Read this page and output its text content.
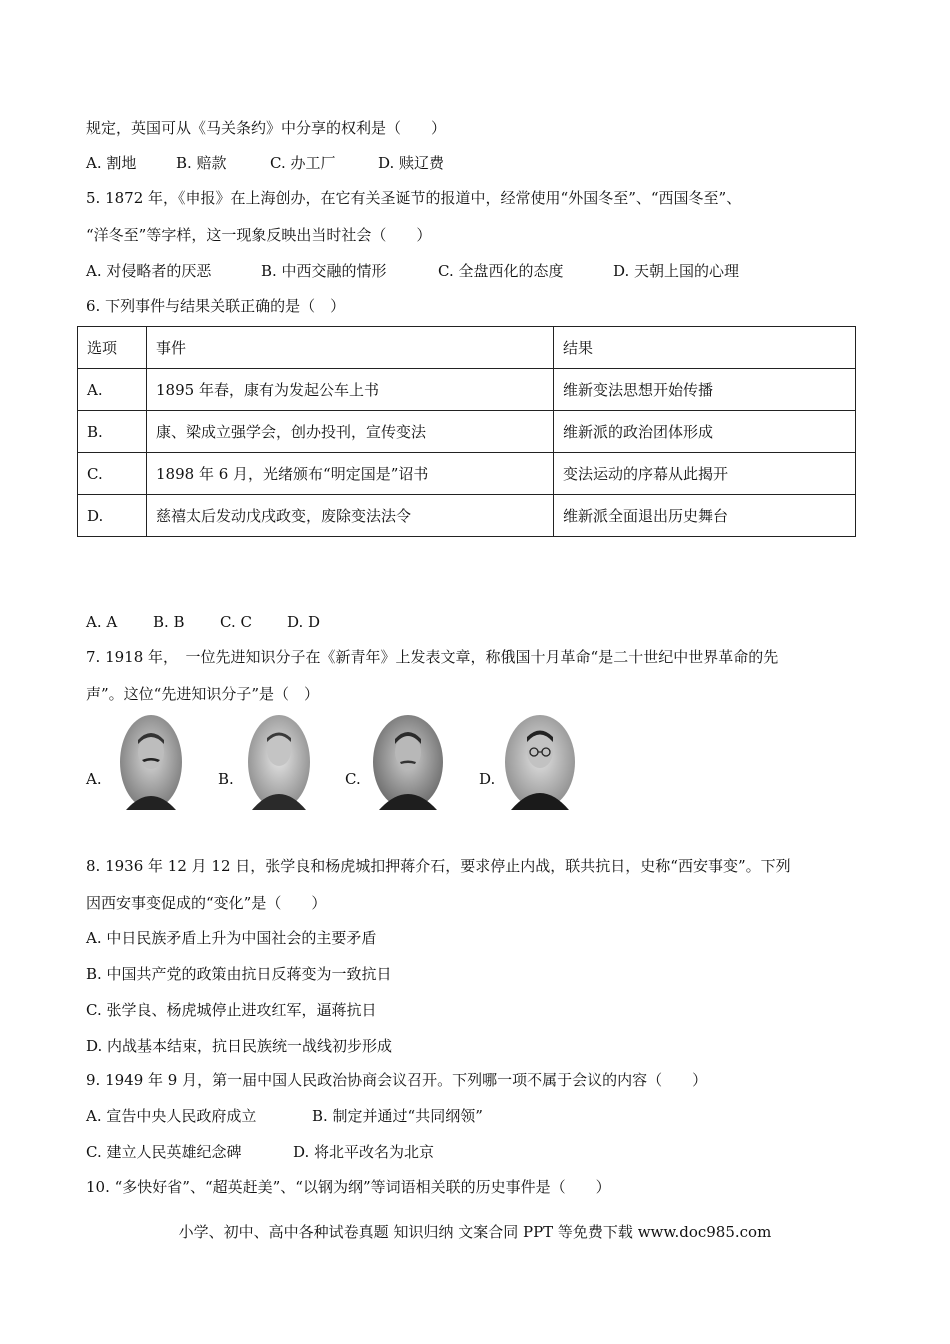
规定，英国可从《马关条约》中分享的权利是（　　）
A. 割地	B. 赔款	C. 办工厂	D. 赎辽费
5. 1872 年，《申报》在上海创办，在它有关圣诞节的报道中，经常使用“外国冬至”、“西国冬至”、
“洋冬至”等字样，这一现象反映出当时社会（　　）
A. 对侵略者的厌恶	B. 中西交融的情形	C. 全盘西化的态度	D. 天朝上国的心理
6. 下列事件与结果关联正确的是（　）
选项	事件	结果
A.	1895 年春，康有为发起公车上书	维新变法思想开始传播
B.	康、梁成立强学会，创办投刊，宣传变法	维新派的政治团体形成
C.	1898 年 6 月，光绪颁布“明定国是”诏书	变法运动的序幕从此揭开
D.	慈禧太后发动戊戌政变，废除变法法令	维新派全面退出历史舞台
A. A B. B C. C D. D
7. 1918 年，　一位先进知识分子在《新青年》上发表文章，称俄国十月革命“是二十世纪中世界革命的先
声”。这位“先进知识分子”是（　）
A.	B.	C.	D.
8. 1936 年 12 月 12 日，张学良和杨虎城扣押蒋介石，要求停止内战，联共抗日，史称“西安事变”。下列
因西安事变促成的“变化”是（　　）
A. 中日民族矛盾上升为中国社会的主要矛盾
B. 中国共产党的政策由抗日反蒋变为一致抗日
C. 张学良、杨虎城停止进攻红军，逼蒋抗日
D. 内战基本结束，抗日民族统一战线初步形成
9. 1949 年 9 月，第一届中国人民政治协商会议召开。下列哪一项不属于会议的内容（　　）
A. 宣告中央人民政府成立	B. 制定并通过“共同纲领”
C. 建立人民英雄纪念碑	D. 将北平改名为北京
10. “多快好省”、“超英赶美”、“以钢为纲”等词语相关联的历史事件是（　　）
小学、初中、高中各种试卷真题 知识归纳 文案合同 PPT 等免费下载 www.doc985.com
